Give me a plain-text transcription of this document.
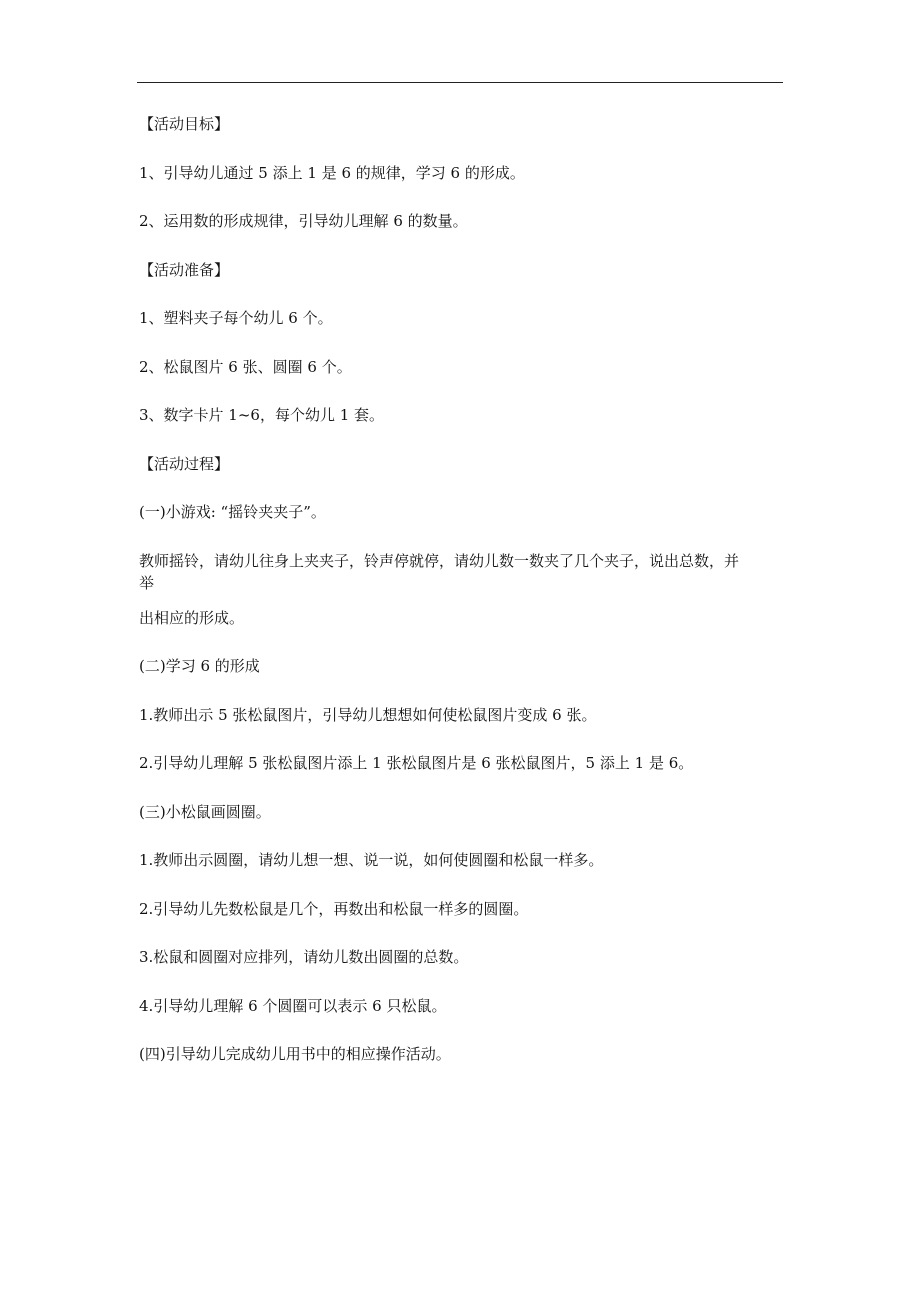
【活动目标】

1、引导幼儿通过 5 添上 1 是 6 的规律，学习 6 的形成。

2、运用数的形成规律，引导幼儿理解 6 的数量。

【活动准备】

1、塑料夹子每个幼儿 6 个。

2、松鼠图片 6 张、圆圈 6 个。

3、数字卡片 1~6，每个幼儿 1 套。

【活动过程】

(一)小游戏: “摇铃夹夹子”。

教师摇铃，请幼儿往身上夹夹子，铃声停就停，请幼儿数一数夹了几个夹子，说出总数，并

举

出相应的形成。

(二)学习 6 的形成

1.教师出示 5 张松鼠图片，引导幼儿想想如何使松鼠图片变成 6 张。

2.引导幼儿理解 5 张松鼠图片添上 1 张松鼠图片是 6 张松鼠图片，5 添上 1 是 6。

(三)小松鼠画圆圈。

1.教师出示圆圈，请幼儿想一想、说一说，如何使圆圈和松鼠一样多。

2.引导幼儿先数松鼠是几个，再数出和松鼠一样多的圆圈。

3.松鼠和圆圈对应排列，请幼儿数出圆圈的总数。

4.引导幼儿理解 6 个圆圈可以表示 6 只松鼠。

(四)引导幼儿完成幼儿用书中的相应操作活动。
